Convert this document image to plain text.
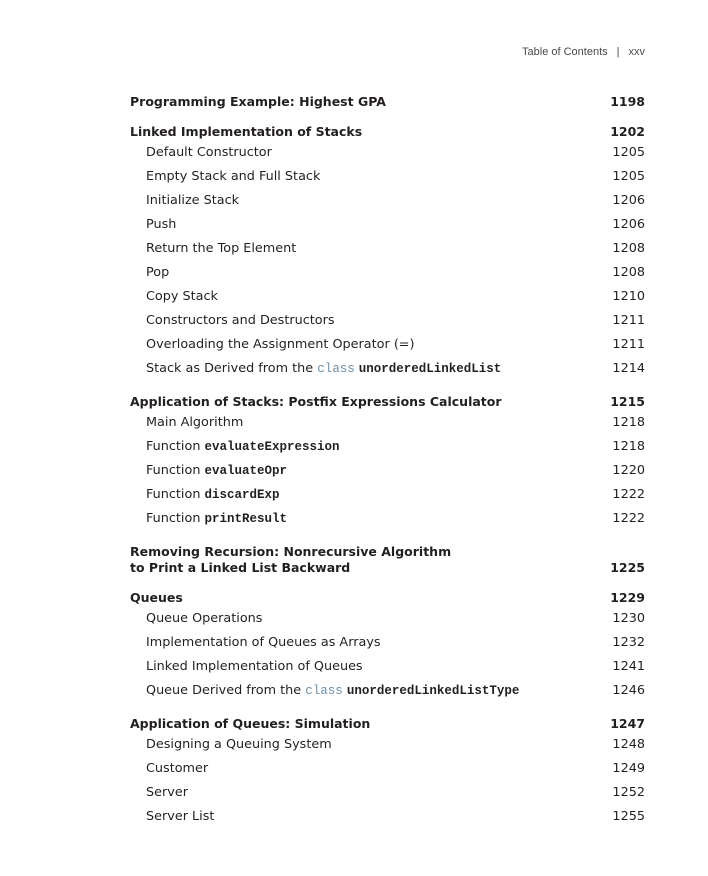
Table of Contents | xxv
Programming Example: Highest GPA	1198
Linked Implementation of Stacks	1202
Default Constructor	1205
Empty Stack and Full Stack	1205
Initialize Stack	1206
Push	1206
Return the Top Element	1208
Pop	1208
Copy Stack	1210
Constructors and Destructors	1211
Overloading the Assignment Operator (=)	1211
Stack as Derived from the class unorderedLinkedList	1214
Application of Stacks: Postfix Expressions Calculator	1215
Main Algorithm	1218
Function evaluateExpression	1218
Function evaluateOpr	1220
Function discardExp	1222
Function printResult	1222
Removing Recursion: Nonrecursive Algorithm
to Print a Linked List Backward	1225
Queues	1229
Queue Operations	1230
Implementation of Queues as Arrays	1232
Linked Implementation of Queues	1241
Queue Derived from the class unorderedLinkedListType	1246
Application of Queues: Simulation	1247
Designing a Queuing System	1248
Customer	1249
Server	1252
Server List	1255
